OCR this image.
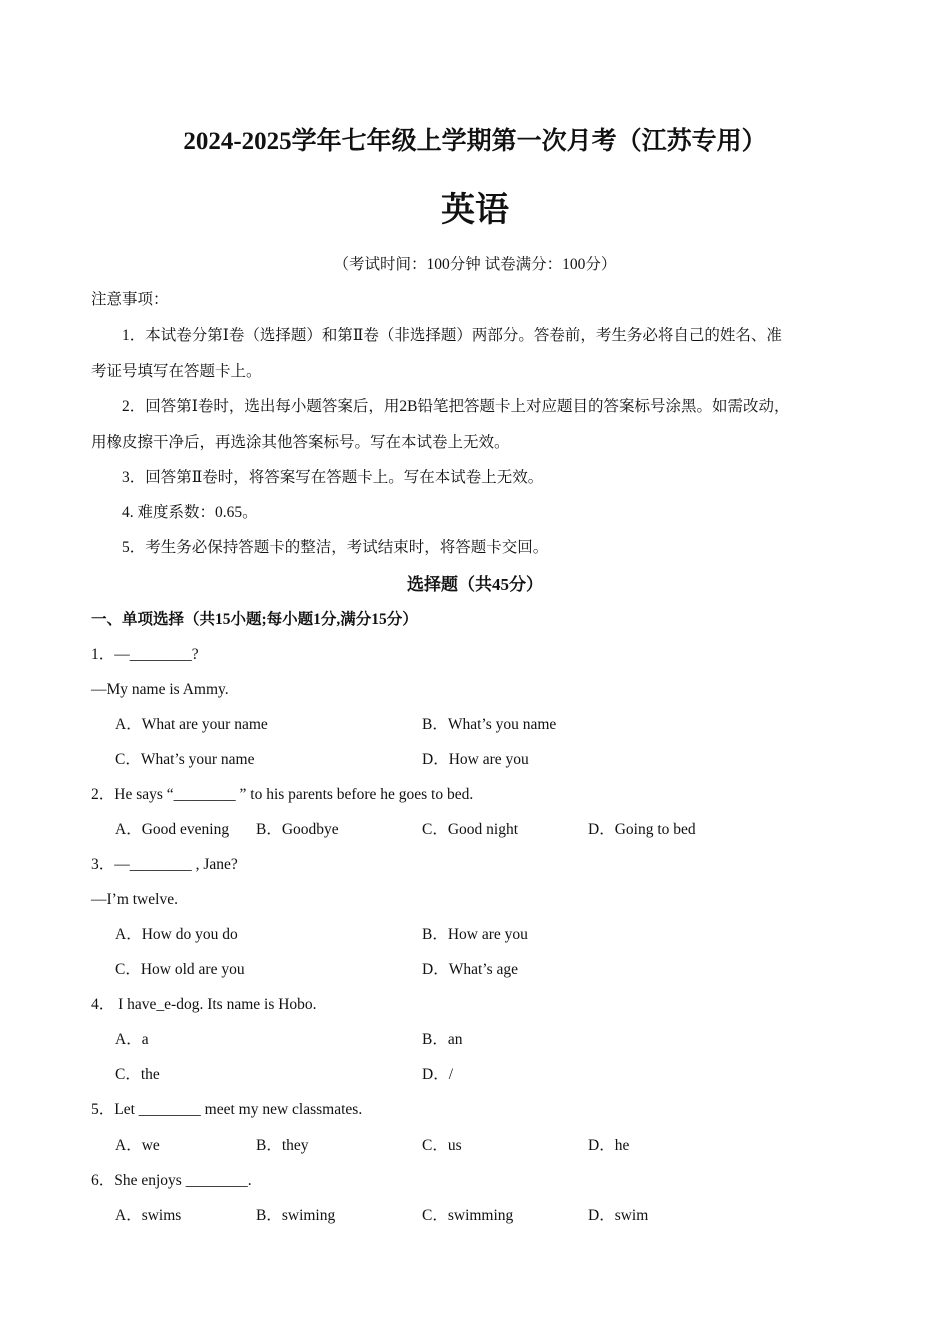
2024-2025学年七年级上学期第一次月考（江苏专用）
英语
（考试时间：100分钟 试卷满分：100分）
注意事项：
1．本试卷分第Ⅰ卷（选择题）和第Ⅱ卷（非选择题）两部分。答卷前，考生务必将自己的姓名、准
考证号填写在答题卡上。
2．回答第Ⅰ卷时，选出每小题答案后，用2B铅笔把答题卡上对应题目的答案标号涂黑。如需改动，
用橡皮擦干净后，再选涂其他答案标号。写在本试卷上无效。
3．回答第Ⅱ卷时，将答案写在答题卡上。写在本试卷上无效。
4. 难度系数：0.65。
5．考生务必保持答题卡的整洁，考试结束时，将答题卡交回。
选择题（共45分）
一、单项选择（共15小题;每小题1分,满分15分）
1．—________?
—My name is Ammy.
A．What are your name	B．What’s you name
C．What’s your name	D．How are you
2．He says “________ ” to his parents before he goes to bed.
A．Good evening B．Goodbye	C．Good night	D．Going to bed
3．—________ , Jane?
—I’m twelve.
A．How do you do	B．How are you
C．How old are you	D．What’s age
4． I have_e-dog. Its name is Hobo.
A．a	B．an
C．the	D．/
5．Let ________ meet my new classmates.
A．we	B．they	C．us	D．he
6．She enjoys ________.
A．swims	B．swiming	C．swimming	D．swim
